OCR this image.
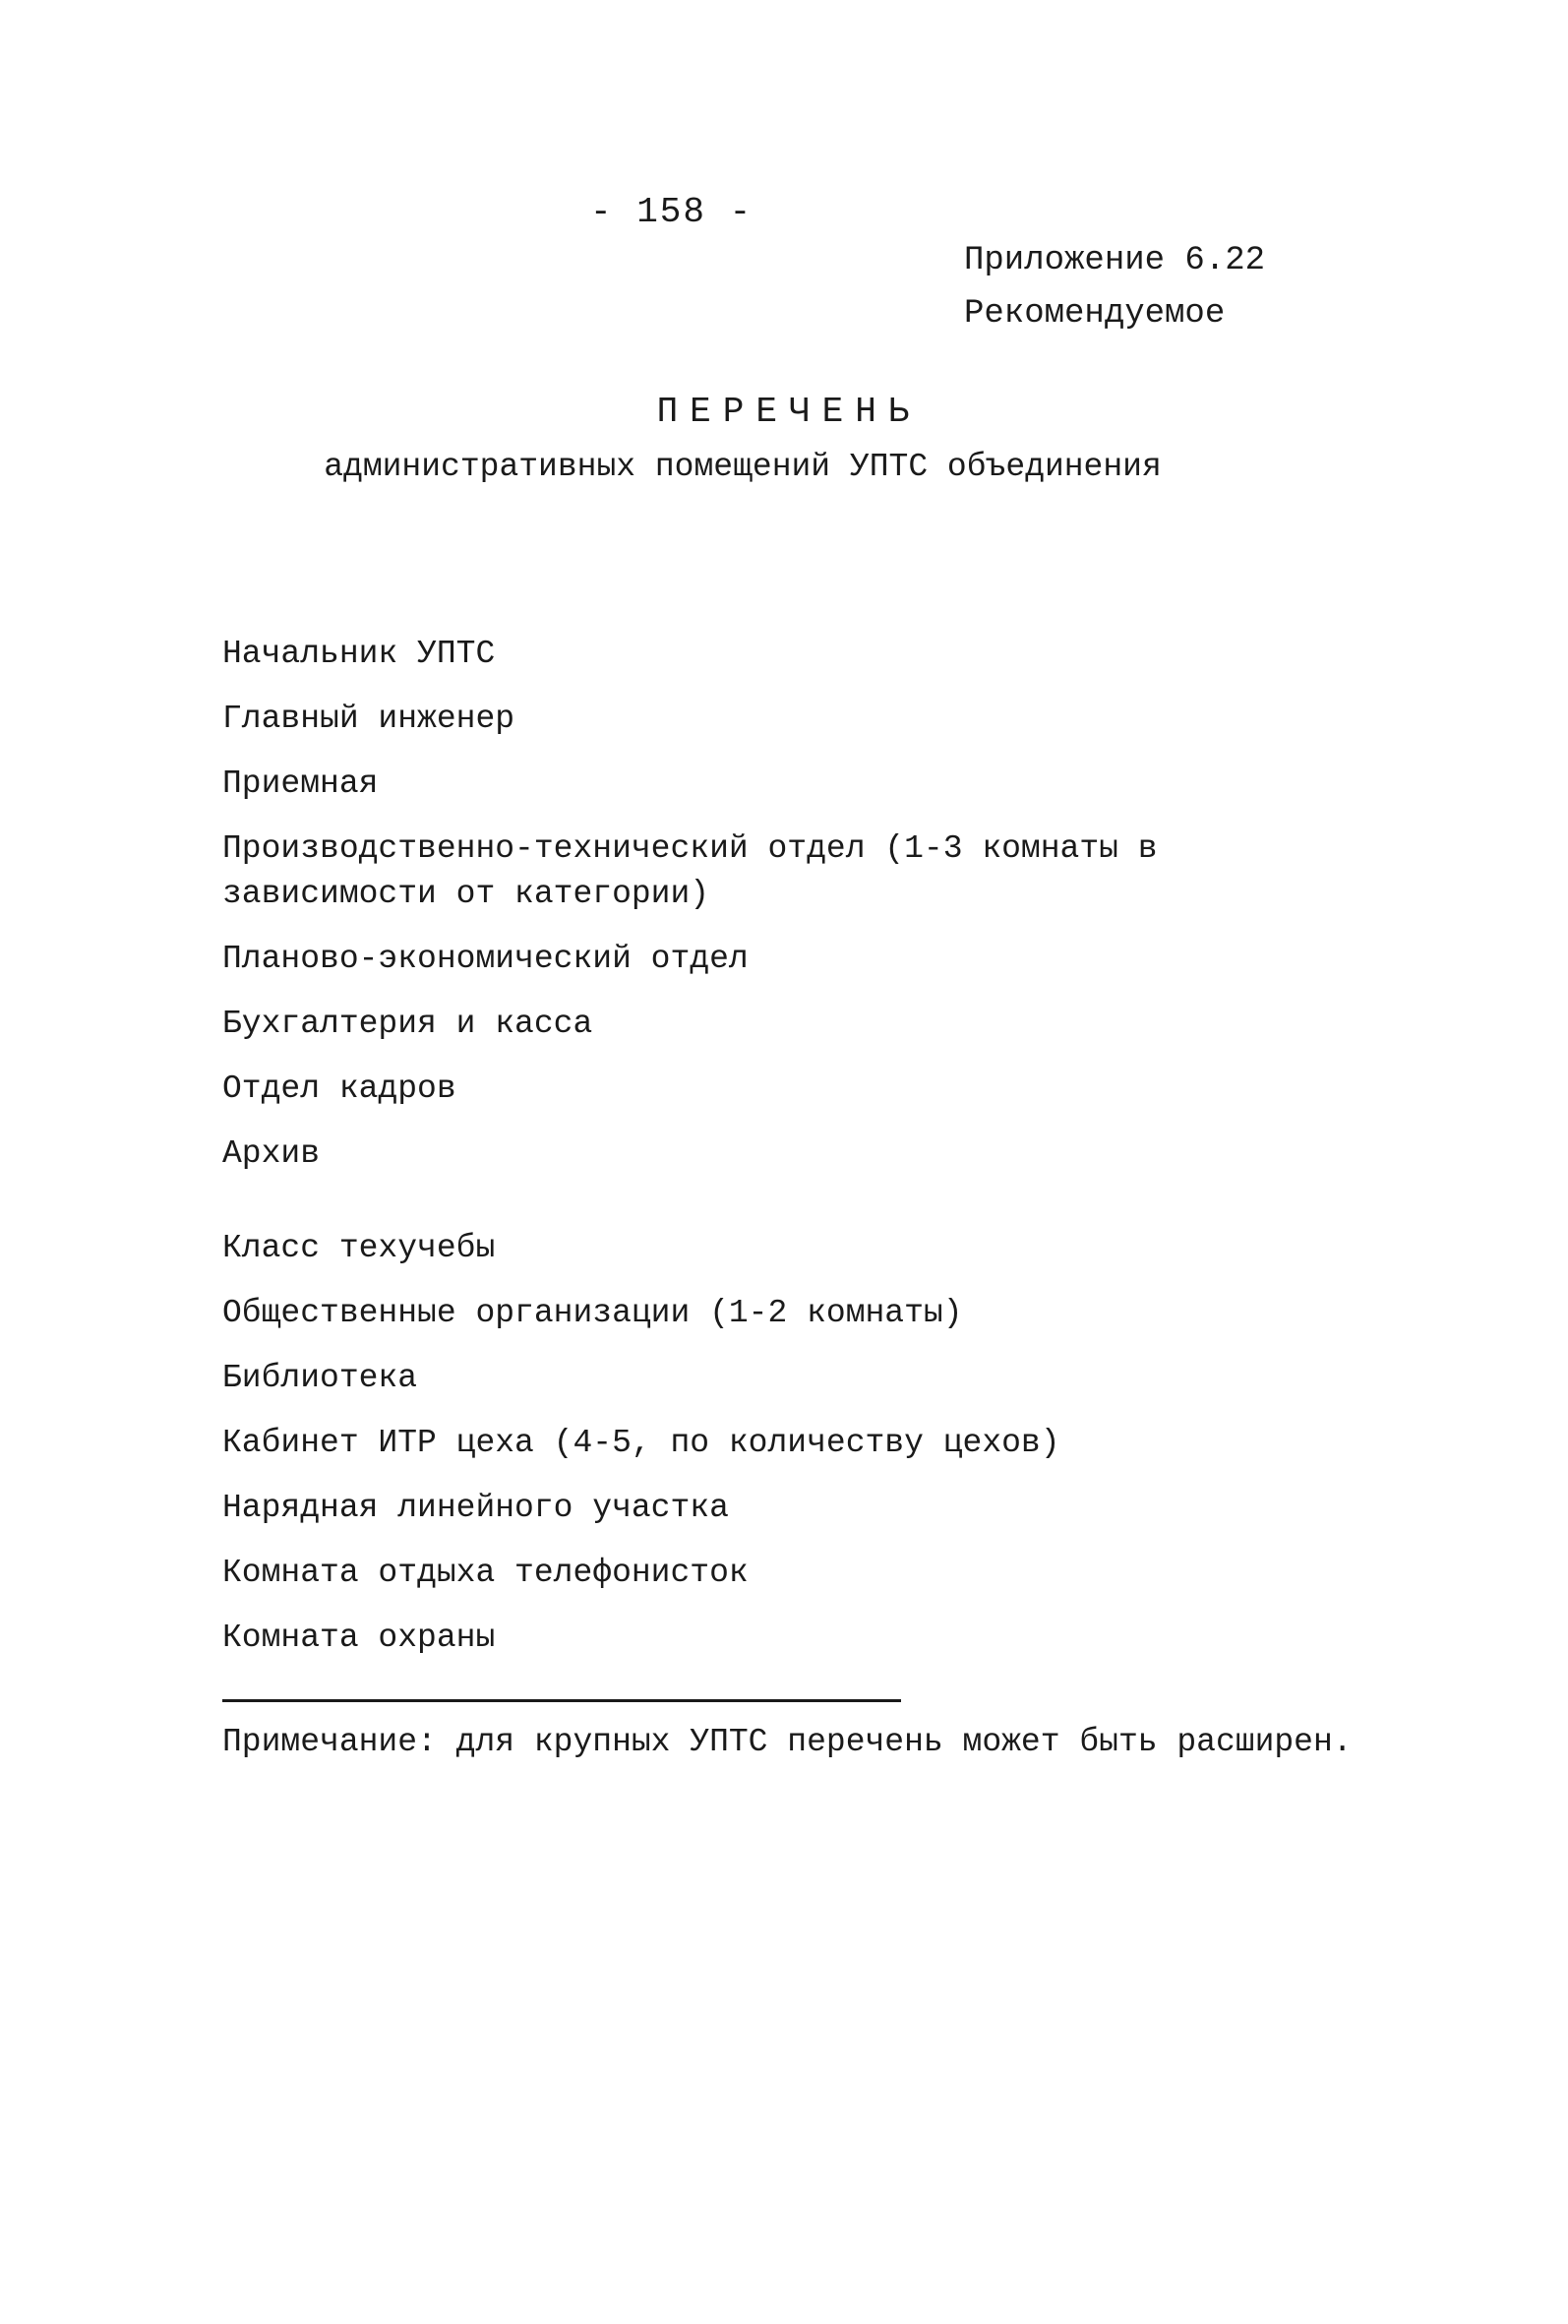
- 158 -
Приложение 6.22
Рекомендуемое
ПЕРЕЧЕНЬ
административных помещений УПТС объединения
Начальник УПТС
Главный инженер
Приемная
Производственно-технический отдел (1-3 комнаты в зависимости от категории)
Планово-экономический отдел
Бухгалтерия и касса
Отдел кадров
Архив
Класс техучебы
Общественные организации (1-2 комнаты)
Библиотека
Кабинет ИТР цеха (4-5, по количеству цехов)
Нарядная линейного участка
Комната отдыха телефонисток
Комната охраны
Примечание: для крупных УПТС перечень может быть расширен.
